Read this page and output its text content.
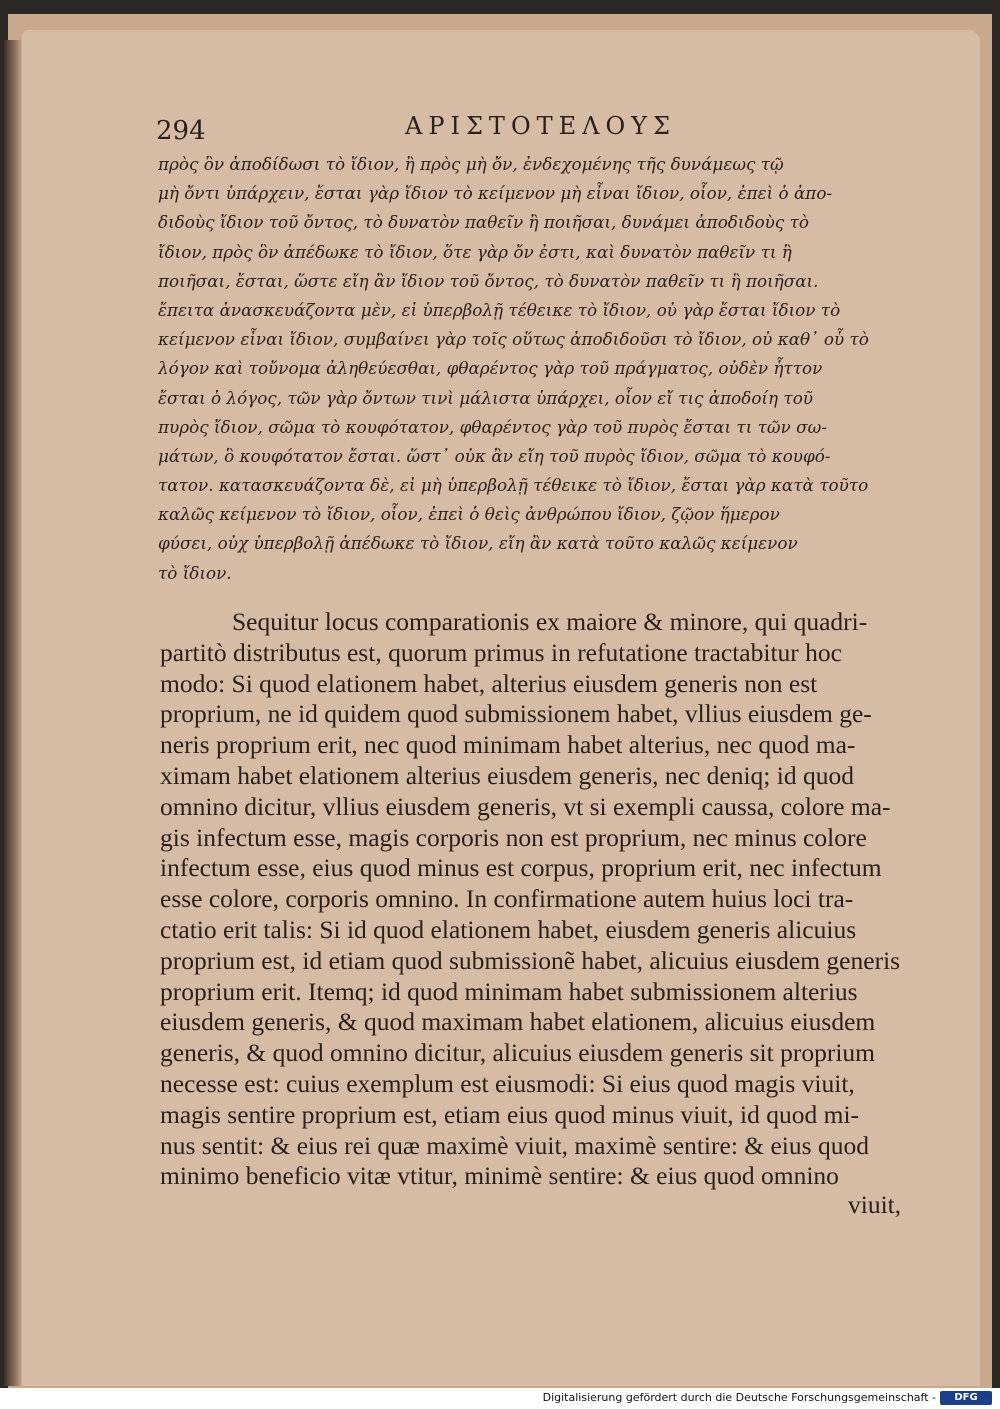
294	ΑΡΙΣΤΟΤΕΛΟΥΣ
πρὸς ὃν ἀποδίδωσι τὸ ἴδιον, ἢ πρὸς μὴ ὄν, ἐνδεχομένης τῆς δυνάμεως τῷ
μὴ ὄντι ὑπάρχειν, ἔσται γὰρ ἴδιον τὸ κείμενον μὴ εἶναι ἴδιον, οἷον, ἐπεὶ ὁ ἀπο-
διδοὺς ἴδιον τοῦ ὄντος, τὸ δυνατὸν παθεῖν ἢ ποιῆσαι, δυνάμει ἀποδιδοὺς τὸ
ἴδιον, πρὸς ὃν ἀπέδωκε τὸ ἴδιον, ὅτε γὰρ ὄν ἐστι, καὶ δυνατὸν παθεῖν τι ἢ
ποιῆσαι, ἔσται, ὥστε εἴη ἂν ἴδιον τοῦ ὄντος, τὸ δυνατὸν παθεῖν τι ἢ ποιῆσαι.
ἔπειτα ἀνασκευάζοντα μὲν, εἰ ὑπερβολῇ τέθεικε τὸ ἴδιον, οὐ γὰρ ἔσται ἴδιον τὸ
κείμενον εἶναι ἴδιον, συμβαίνει γὰρ τοῖς οὕτως ἀποδιδοῦσι τὸ ἴδιον, οὐ καθ᾽ οὗ τὸ
λόγον καὶ τοὔνομα ἀληθεύεσθαι, φθαρέντος γὰρ τοῦ πράγματος, οὐδὲν ἧττον
ἔσται ὁ λόγος, τῶν γὰρ ὄντων τινὶ μάλιστα ὑπάρχει, οἷον εἴ τις ἀποδοίη τοῦ
πυρὸς ἴδιον, σῶμα τὸ κουφότατον, φθαρέντος γὰρ τοῦ πυρὸς ἔσται τι τῶν σω-
μάτων, ὃ κουφότατον ἔσται. ὥστ᾽ οὐκ ἂν εἴη τοῦ πυρὸς ἴδιον, σῶμα τὸ κουφό-
τατον. κατασκευάζοντα δὲ, εἰ μὴ ὑπερβολῇ τέθεικε τὸ ἴδιον, ἔσται γὰρ κατὰ τοῦτο
καλῶς κείμενον τὸ ἴδιον, οἷον, ἐπεὶ ὁ θεὶς ἀνθρώπου ἴδιον, ζῷον ἥμερον
φύσει, οὐχ ὑπερβολῇ ἀπέδωκε τὸ ἴδιον, εἴη ἂν κατὰ τοῦτο καλῶς κείμενον
τὸ ἴδιον.
Sequitur locus comparationis ex maiore & minore, qui quadri-
partitò distributus est, quorum primus in refutatione tractabitur hoc
modo: Si quod elationem habet, alterius eiusdem generis non est
proprium, ne id quidem quod submissionem habet, vllius eiusdem ge-
neris proprium erit, nec quod minimam habet alterius, nec quod ma-
ximam habet elationem alterius eiusdem generis, nec deniq; id quod
omnino dicitur, vllius eiusdem generis, vt si exempli caussa, colore ma-
gis infectum esse, magis corporis non est proprium, nec minus colore
infectum esse, eius quod minus est corpus, proprium erit, nec infectum
esse colore, corporis omnino. In confirmatione autem huius loci tra-
ctatio erit talis: Si id quod elationem habet, eiusdem generis alicuius
proprium est, id etiam quod submissionẽ habet, alicuius eiusdem generis
proprium erit. Itemq; id quod minimam habet submissionem alterius
eiusdem generis, & quod maximam habet elationem, alicuius eiusdem
generis, & quod omnino dicitur, alicuius eiusdem generis sit proprium
necesse est: cuius exemplum est eiusmodi: Si eius quod magis viuit,
magis sentire proprium est, etiam eius quod minus viuit, id quod mi-
nus sentit: & eius rei quæ maximè viuit, maximè sentire: & eius quod
minimo beneficio vitæ vtitur, minimè sentire: & eius quod omnino
viuit,
Digitalisierung gefördert durch die Deutsche Forschungsgemeinschaft -	DFG
